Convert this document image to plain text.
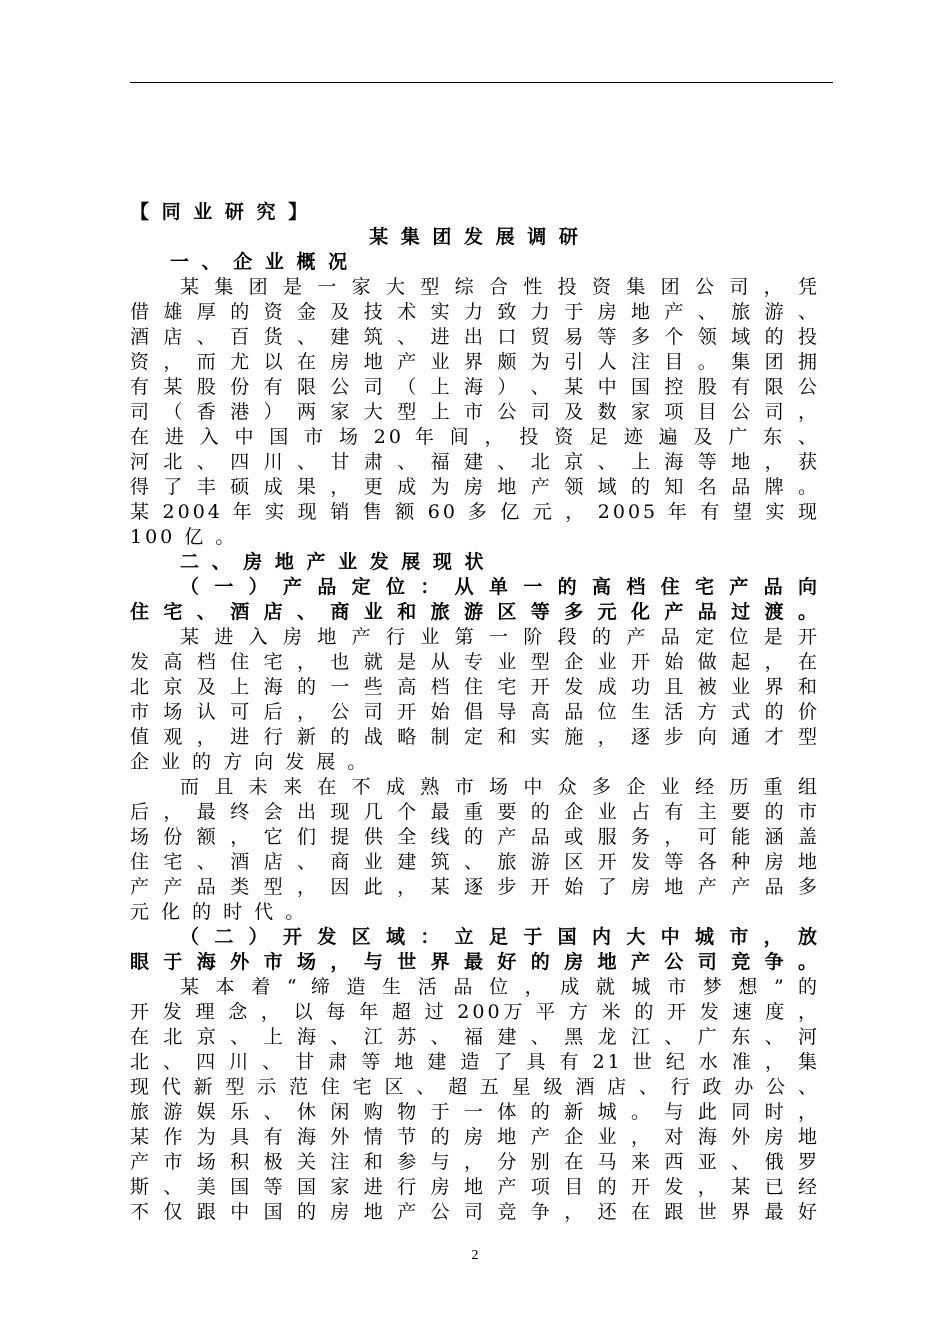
【 同 业 研 究 】
某 集 团 发 展 调 研
一 、 企 业 概 况
某 集 团 是 一 家 大 型 综 合 性 投 资 集 团 公 司 ， 凭
借 雄 厚 的 资 金 及 技 术 实 力 致 力 于 房 地 产 、 旅 游 、
酒 店 、 百 货 、 建 筑 、 进 出 口 贸 易 等 多 个 领 域 的 投
资 ， 而 尤 以 在 房 地 产 业 界 颇 为 引 人 注 目 。 集 团 拥
有 某 股 份 有 限 公 司 （ 上 海 ） 、 某 中 国 控 股 有 限 公
司 （ 香 港 ） 两 家 大 型 上 市 公 司 及 数 家 项 目 公 司 ，
在 进 入 中 国 市 场 20 年 间 ， 投 资 足 迹 遍 及 广 东 、
河 北 、 四 川 、 甘 肃 、 福 建 、 北 京 、 上 海 等 地 ， 获
得 了 丰 硕 成 果 ， 更 成 为 房 地 产 领 域 的 知 名 品 牌 。
某 2004 年 实 现 销 售 额 60 多 亿 元 ， 2005 年 有 望 实 现
100 亿 。
二 、 房 地 产 业 发 展 现 状
（ 一 ） 产 品 定 位 ： 从 单 一 的 高 档 住 宅 产 品 向
住 宅 、 酒 店 、 商 业 和 旅 游 区 等 多 元 化 产 品 过 渡 。
某 进 入 房 地 产 行 业 第 一 阶 段 的 产 品 定 位 是 开
发 高 档 住 宅 ， 也 就 是 从 专 业 型 企 业 开 始 做 起 ， 在
北 京 及 上 海 的 一 些 高 档 住 宅 开 发 成 功 且 被 业 界 和
市 场 认 可 后 ， 公 司 开 始 倡 导 高 品 位 生 活 方 式 的 价
值 观 ， 进 行 新 的 战 略 制 定 和 实 施 ， 逐 步 向 通 才 型
企 业 的 方 向 发 展 。
而 且 未 来 在 不 成 熟 市 场 中 众 多 企 业 经 历 重 组
后 ， 最 终 会 出 现 几 个 最 重 要 的 企 业 占 有 主 要 的 市
场 份 额 ， 它 们 提 供 全 线 的 产 品 或 服 务 ， 可 能 涵 盖
住 宅 、 酒 店 、 商 业 建 筑 、 旅 游 区 开 发 等 各 种 房 地
产 产 品 类 型 ， 因 此 ， 某 逐 步 开 始 了 房 地 产 产 品 多
元 化 的 时 代 。
（ 二 ） 开 发 区 域 ： 立 足 于 国 内 大 中 城 市 ， 放
眼 于 海 外 市 场 ， 与 世 界 最 好 的 房 地 产 公 司 竞 争 。
某 本 着 “ 缔 造 生 活 品 位 ， 成 就 城 市 梦 想 ” 的
开 发 理 念 ， 以 每 年 超 过 200万 平 方 米 的 开 发 速 度 ，
在 北 京 、 上 海 、 江 苏 、 福 建 、 黑 龙 江 、 广 东 、 河
北 、 四 川 、 甘 肃 等 地 建 造 了 具 有 21 世 纪 水 准 ， 集
现 代 新 型 示 范 住 宅 区 、 超 五 星 级 酒 店 、 行 政 办 公 、
旅 游 娱 乐 、 休 闲 购 物 于 一 体 的 新 城 。 与 此 同 时 ，
某 作 为 具 有 海 外 情 节 的 房 地 产 企 业 ， 对 海 外 房 地
产 市 场 积 极 关 注 和 参 与 ， 分 别 在 马 来 西 亚 、 俄 罗
斯 、 美 国 等 国 家 进 行 房 地 产 项 目 的 开 发 ， 某 已 经
不 仅 跟 中 国 的 房 地 产 公 司 竞 争 ， 还 在 跟 世 界 最 好
2
